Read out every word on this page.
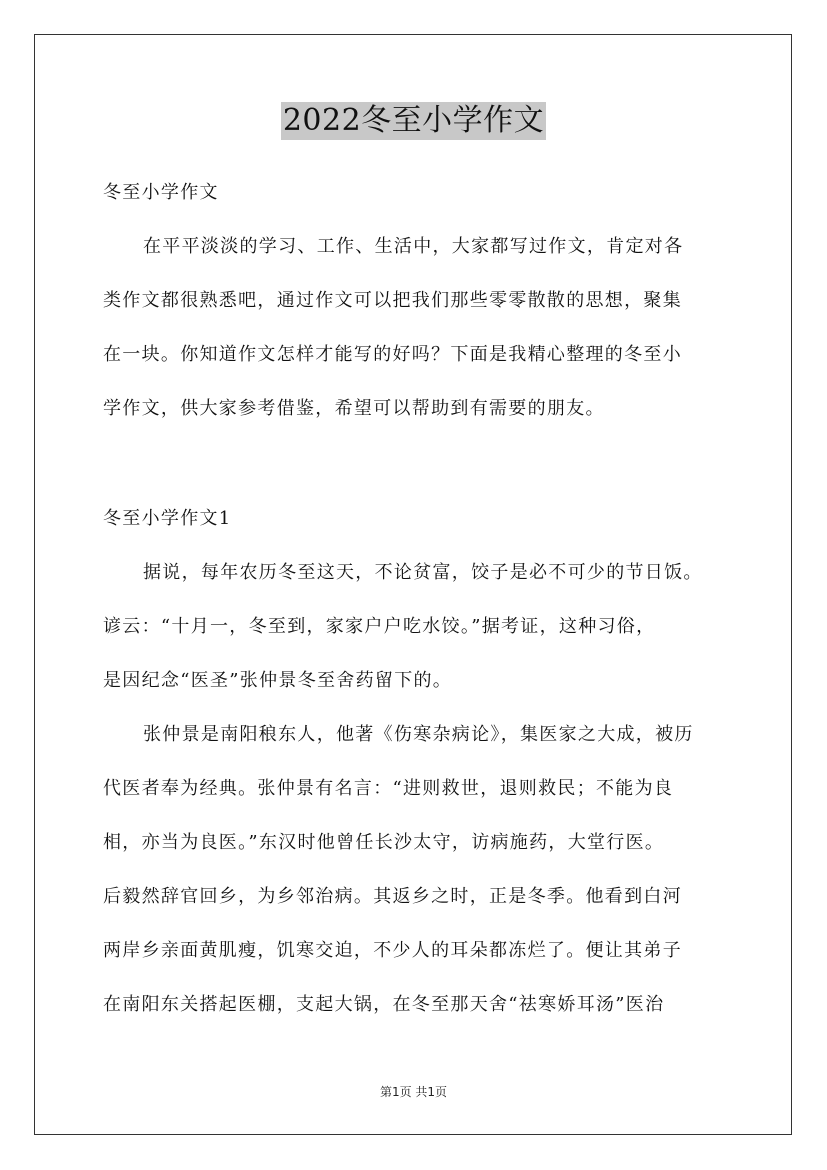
2022冬至小学作文
冬至小学作文
在平平淡淡的学习、工作、生活中，大家都写过作文，肯定对各
类作文都很熟悉吧，通过作文可以把我们那些零零散散的思想，聚集
在一块。你知道作文怎样才能写的好吗？下面是我精心整理的冬至小
学作文，供大家参考借鉴，希望可以帮助到有需要的朋友。
冬至小学作文1
据说，每年农历冬至这天，不论贫富，饺子是必不可少的节日饭。
谚云：“十月一，冬至到，家家户户吃水饺。”据考证，这种习俗，
是因纪念“医圣”张仲景冬至舍药留下的。
张仲景是南阳稂东人，他著《伤寒杂病论》，集医家之大成，被历
代医者奉为经典。张仲景有名言：“进则救世，退则救民；不能为良
相，亦当为良医。”东汉时他曾任长沙太守，访病施药，大堂行医。
后毅然辞官回乡，为乡邻治病。其返乡之时，正是冬季。他看到白河
两岸乡亲面黄肌瘦，饥寒交迫，不少人的耳朵都冻烂了。便让其弟子
在南阳东关搭起医棚，支起大锅，在冬至那天舍“祛寒娇耳汤”医治
第1页 共1页
